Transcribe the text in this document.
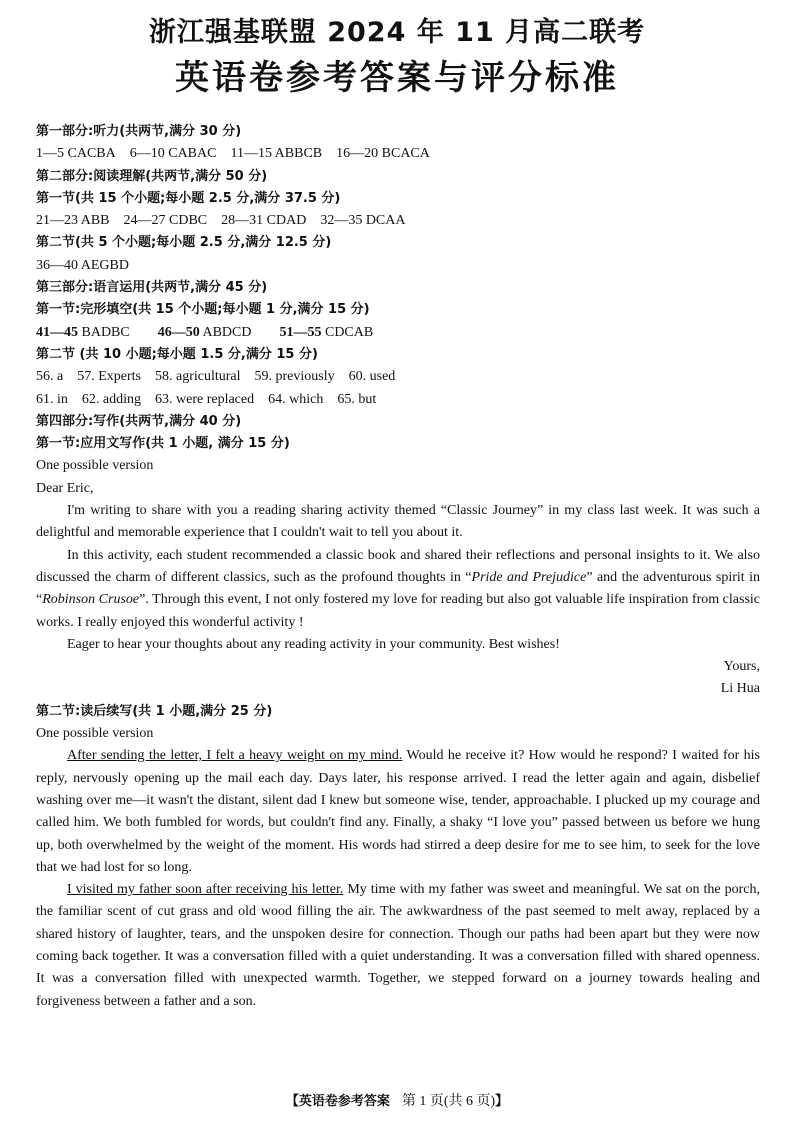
浙江强基联盟 2024 年 11 月高二联考
英语卷参考答案与评分标准
第一部分:听力(共两节,满分 30 分)
1—5 CACBA 6—10 CABAC 11—15 ABBCB 16—20 BCACA
第二部分:阅读理解(共两节,满分 50 分)
第一节(共 15 个小题;每小题 2.5 分,满分 37.5 分)
21—23 ABB 24—27 CDBC 28—31 CDAD 32—35 DCAA
第二节(共 5 个小题;每小题 2.5 分,满分 12.5 分)
36—40 AEGBD
第三部分:语言运用(共两节,满分 45 分)
第一节:完形填空(共 15 个小题;每小题 1 分,满分 15 分)
41—45 BADBC 46—50 ABDCD 51—55 CDCAB
第二节 (共 10 小题;每小题 1.5 分,满分 15 分)
56. a 57. Experts 58. agricultural 59. previously 60. used
61. in 62. adding 63. were replaced 64. which 65. but
第四部分:写作(共两节,满分 40 分)
第一节:应用文写作(共 1 小题, 满分 15 分)
One possible version
Dear Eric,

I'm writing to share with you a reading sharing activity themed “Classic Journey” in my class last week. It was such a delightful and memorable experience that I couldn't wait to tell you about it.

In this activity, each student recommended a classic book and shared their reflections and personal insights to it. We also discussed the charm of different classics, such as the profound thoughts in “Pride and Prejudice” and the adventurous spirit in “Robinson Crusoe”. Through this event, I not only fostered my love for reading but also got valuable life inspiration from classic works. I really enjoyed this wonderful activity !

Eager to hear your thoughts about any reading activity in your community. Best wishes!

Yours,
Li Hua
第二节:读后续写(共 1 小题,满分 25 分)
One possible version

After sending the letter, I felt a heavy weight on my mind. Would he receive it? How would he respond? I waited for his reply, nervously opening up the mail each day. Days later, his response arrived. I read the letter again and again, disbelief washing over me—it wasn't the distant, silent dad I knew but someone wise, tender, approachable. I plucked up my courage and called him. We both fumbled for words, but couldn't find any. Finally, a shaky “I love you” passed between us before we hung up, both overwhelmed by the weight of the moment. His words had stirred a deep desire for me to see him, to seek for the love that we had lost for so long.

I visited my father soon after receiving his letter. My time with my father was sweet and meaningful. We sat on the porch, the familiar scent of cut grass and old wood filling the air. The awkwardness of the past seemed to melt away, replaced by a shared history of laughter, tears, and the unspoken desire for connection. Though our paths had been apart but they were now coming back together. It was a conversation filled with a quiet understanding. It was a conversation filled with shared openness. It was a conversation filled with unexpected warmth. Together, we stepped forward on a journey towards healing and forgiveness between a father and a son.

【英语卷参考答案 第 1 页(共 6 页)】
